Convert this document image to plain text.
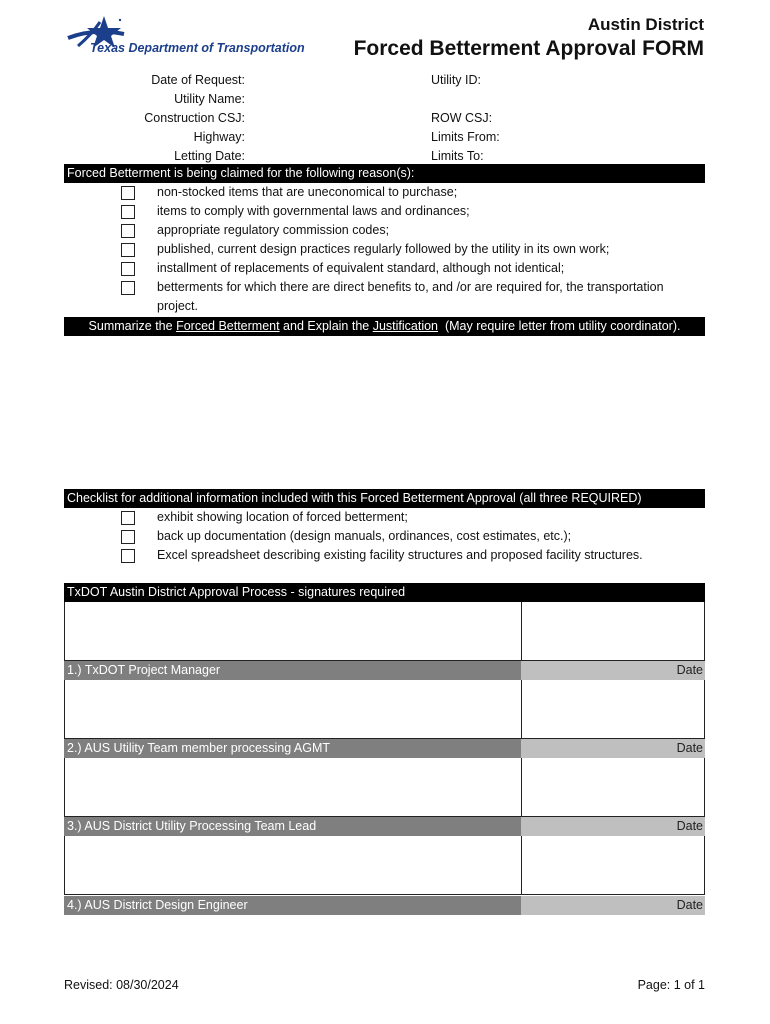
Texas Department of Transportation
Austin District
Forced Betterment Approval FORM
Date of Request:
Utility Name:
Construction CSJ:
Highway:
Letting Date:
Utility ID:
ROW CSJ:
Limits From:
Limits To:
Forced Betterment is being claimed for the following reason(s):
non-stocked items that are uneconomical to purchase;
items to comply with governmental laws and ordinances;
appropriate regulatory commission codes;
published, current design practices regularly followed by the utility in its own work;
installment of replacements of equivalent standard, although not identical;
betterments for which there are direct benefits to, and /or are required for, the transportation
project.
Summarize the Forced Betterment and Explain the Justification  (May require letter from utility coordinator).
Checklist for additional information included with this Forced Betterment Approval (all three REQUIRED)
exhibit showing location of forced betterment;
back up documentation (design manuals, ordinances, cost estimates, etc.);
Excel spreadsheet describing existing facility structures and proposed facility structures.
TxDOT Austin District Approval Process - signatures required
1.) TxDOT Project Manager	Date
2.) AUS Utility Team member processing AGMT	Date
3.) AUS District Utility Processing Team Lead	Date
4.) AUS District Design Engineer	Date
Revised: 08/30/2024	Page: 1 of 1
